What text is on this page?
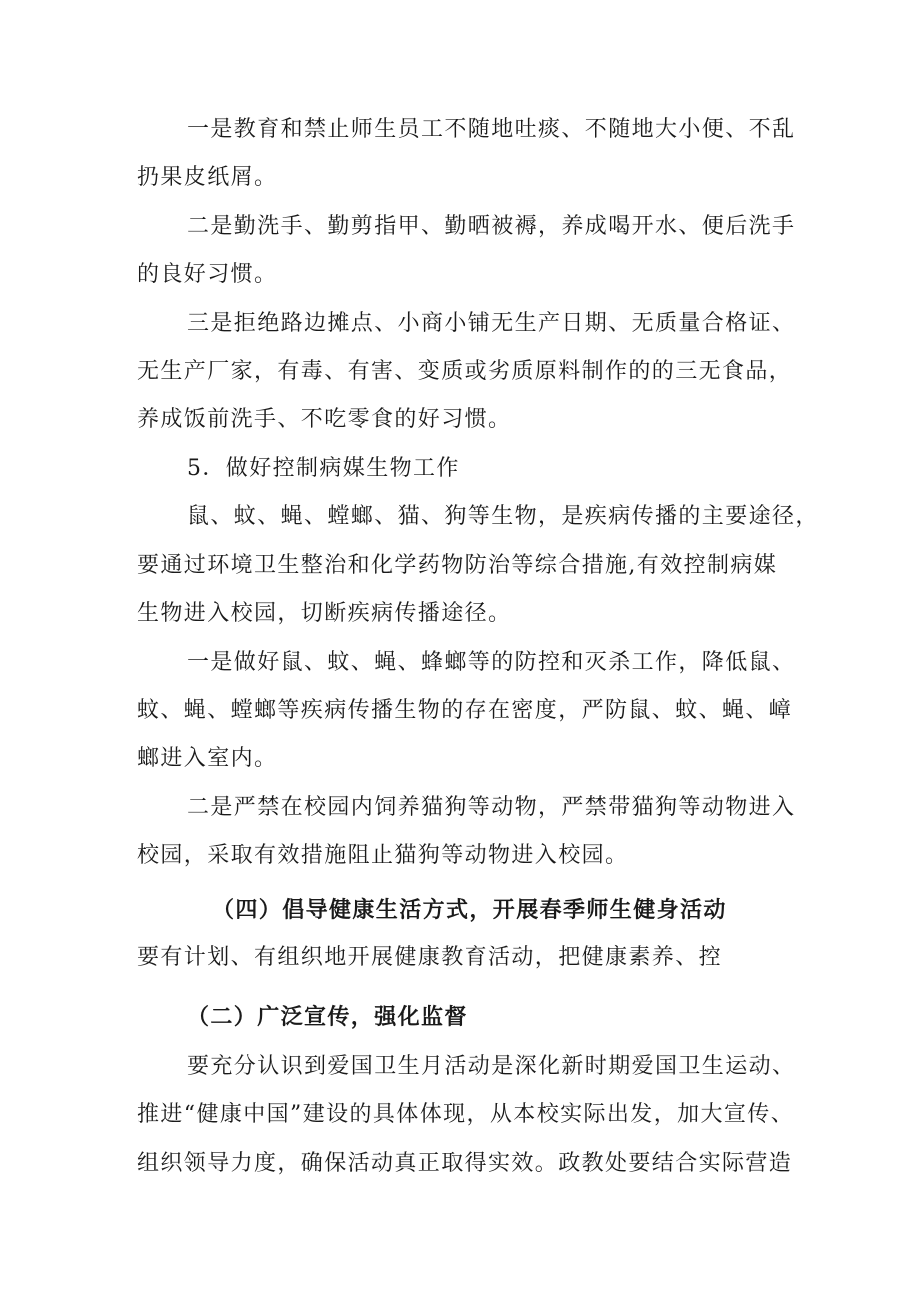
一是教育和禁止师生员工不随地吐痰、不随地大小便、不乱
扔果皮纸屑。
二是勤洗手、勤剪指甲、勤晒被褥，养成喝开水、便后洗手
的良好习惯。
三是拒绝路边摊点、小商小铺无生产日期、无质量合格证、
无生产厂家，有毒、有害、变质或劣质原料制作的的三无食品，
养成饭前洗手、不吃零食的好习惯。
5．做好控制病媒生物工作
鼠、蚊、蝇、螳螂、猫、狗等生物，是疾病传播的主要途径，
要通过环境卫生整治和化学药物防治等综合措施,有效控制病媒
生物进入校园，切断疾病传播途径。
一是做好鼠、蚊、蝇、蜂螂等的防控和灭杀工作，降低鼠、
蚊、蝇、螳螂等疾病传播生物的存在密度，严防鼠、蚊、蝇、嶂
螂进入室内。
二是严禁在校园内饲养猫狗等动物，严禁带猫狗等动物进入
校园，采取有效措施阻止猫狗等动物进入校园。
（四）倡导健康生活方式，开展春季师生健身活动
要有计划、有组织地开展健康教育活动，把健康素养、控
（二）广泛宣传，强化监督
要充分认识到爱国卫生月活动是深化新时期爱国卫生运动、
推进“健康中国”建设的具体体现，从本校实际出发，加大宣传、
组织领导力度，确保活动真正取得实效。政教处要结合实际营造
